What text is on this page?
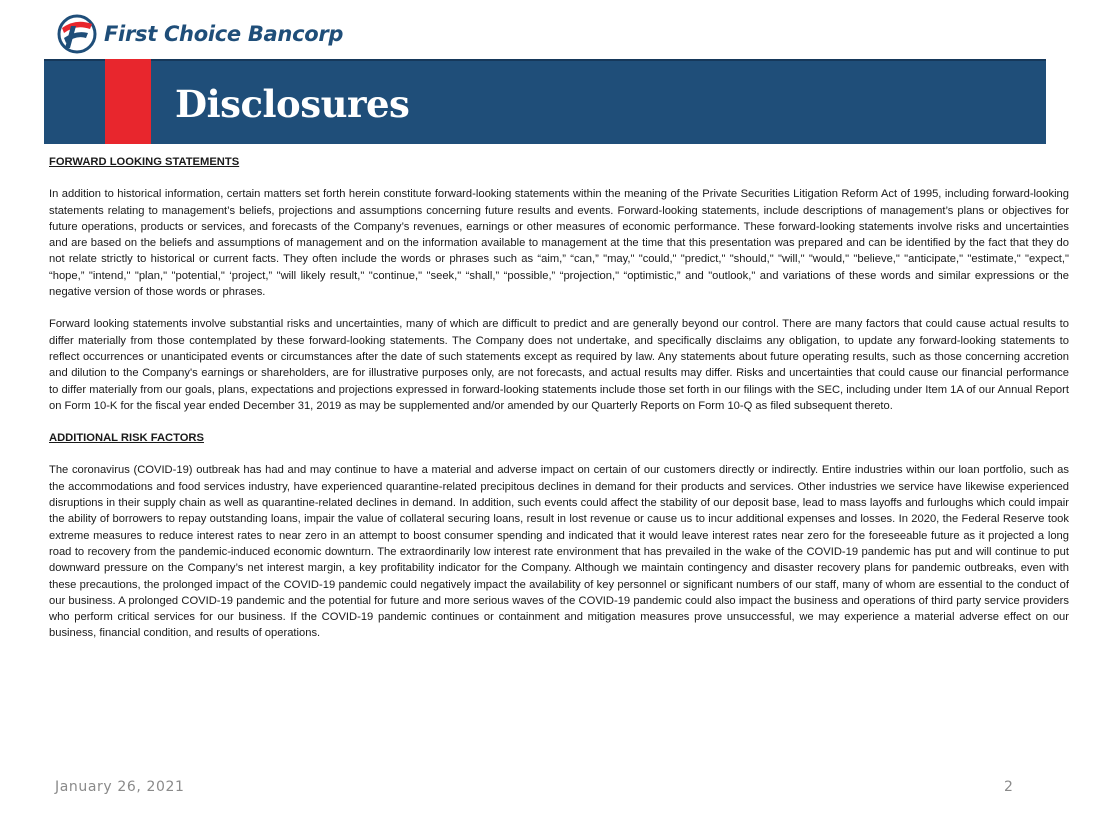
First Choice Bancorp
Disclosures

FORWARD LOOKING STATEMENTS

In addition to historical information, certain matters set forth herein constitute forward-looking statements within the meaning of the Private Securities Litigation Reform Act of 1995, including forward-looking statements relating to management’s beliefs, projections and assumptions concerning future results and events. Forward-looking statements, include descriptions of management’s plans or objectives for future operations, products or services, and forecasts of the Company’s revenues, earnings or other measures of economic performance. These forward-looking statements involve risks and uncertainties and are based on the beliefs and assumptions of management and on the information available to management at the time that this presentation was prepared and can be identified by the fact that they do not relate strictly to historical or current facts. They often include the words or phrases such as “aim,” “can,” "may," "could," "predict," "should," "will," "would," "believe," "anticipate," "estimate," "expect," “hope,” "intend," "plan," "potential," ‘project,” "will likely result," "continue," "seek," “shall,” “possible,” “projection," “optimistic,” and "outlook," and variations of these words and similar expressions or the negative version of those words or phrases.

Forward looking statements involve substantial risks and uncertainties, many of which are difficult to predict and are generally beyond our control. There are many factors that could cause actual results to differ materially from those contemplated by these forward-looking statements. The Company does not undertake, and specifically disclaims any obligation, to update any forward-looking statements to reflect occurrences or unanticipated events or circumstances after the date of such statements except as required by law. Any statements about future operating results, such as those concerning accretion and dilution to the Company's earnings or shareholders, are for illustrative purposes only, are not forecasts, and actual results may differ. Risks and uncertainties that could cause our financial performance to differ materially from our goals, plans, expectations and projections expressed in forward-looking statements include those set forth in our filings with the SEC, including under Item 1A of our Annual Report on Form 10-K for the fiscal year ended December 31, 2019 as may be supplemented and/or amended by our Quarterly Reports on Form 10-Q as filed subsequent thereto.

ADDITIONAL RISK FACTORS

The coronavirus (COVID-19) outbreak has had and may continue to have a material and adverse impact on certain of our customers directly or indirectly. Entire industries within our loan portfolio, such as the accommodations and food services industry, have experienced quarantine-related precipitous declines in demand for their products and services. Other industries we service have likewise experienced disruptions in their supply chain as well as quarantine-related declines in demand. In addition, such events could affect the stability of our deposit base, lead to mass layoffs and furloughs which could impair the ability of borrowers to repay outstanding loans, impair the value of collateral securing loans, result in lost revenue or cause us to incur additional expenses and losses. In 2020, the Federal Reserve took extreme measures to reduce interest rates to near zero in an attempt to boost consumer spending and indicated that it would leave interest rates near zero for the foreseeable future as it projected a long road to recovery from the pandemic-induced economic downturn. The extraordinarily low interest rate environment that has prevailed in the wake of the COVID-19 pandemic has put and will continue to put downward pressure on the Company’s net interest margin, a key profitability indicator for the Company. Although we maintain contingency and disaster recovery plans for pandemic outbreaks, even with these precautions, the prolonged impact of the COVID-19 pandemic could negatively impact the availability of key personnel or significant numbers of our staff, many of whom are essential to the conduct of our business. A prolonged COVID-19 pandemic and the potential for future and more serious waves of the COVID-19 pandemic could also impact the business and operations of third party service providers who perform critical services for our business. If the COVID-19 pandemic continues or containment and mitigation measures prove unsuccessful, we may experience a material adverse effect on our business, financial condition, and results of operations.

January 26, 2021	2
